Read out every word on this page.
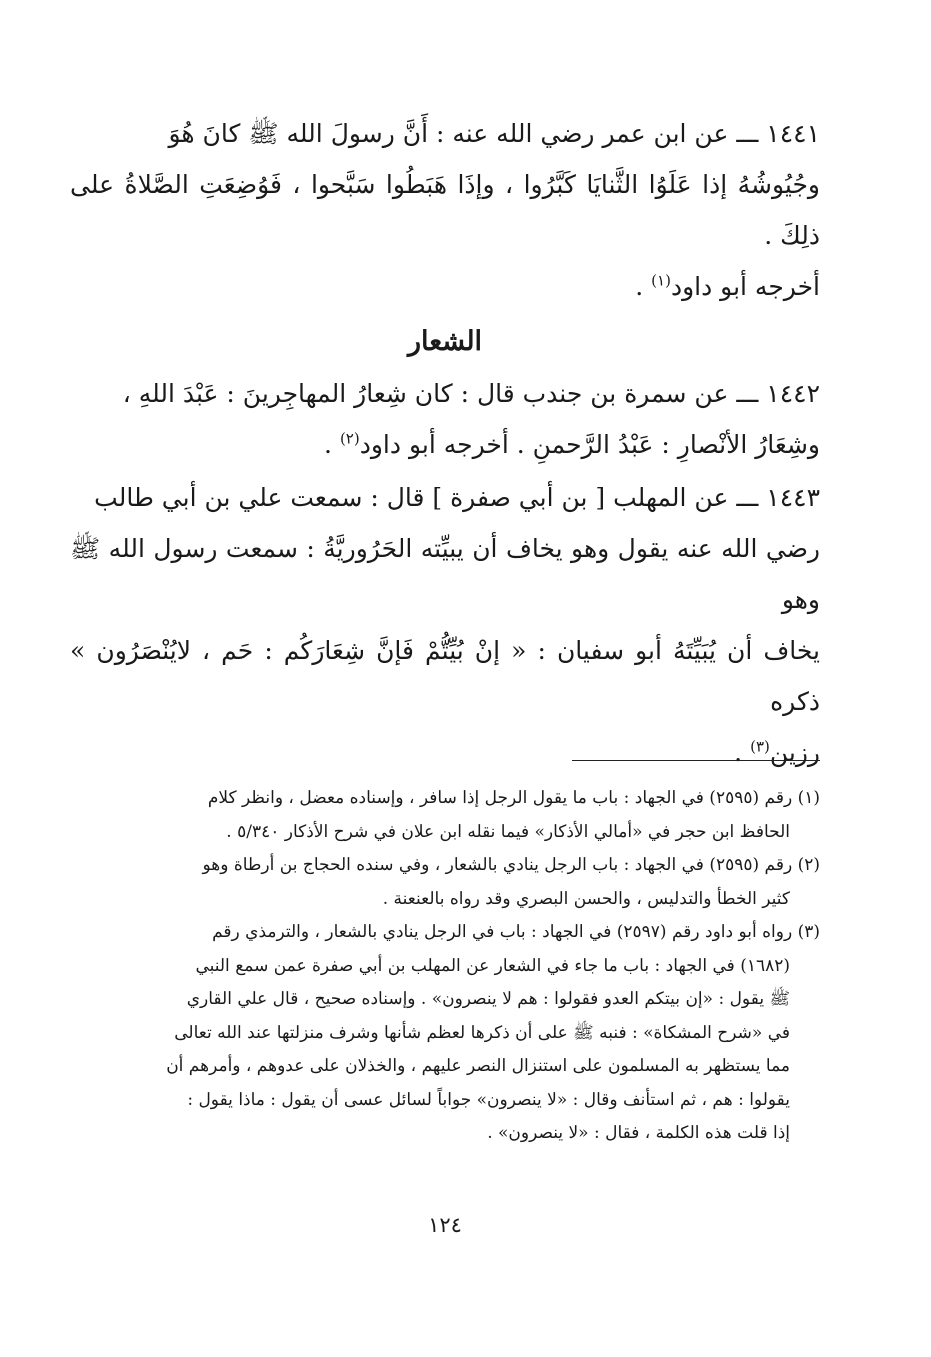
١٤٤١ ـــ عن ابن عمر رضي الله عنه : أَنَّ رسولَ الله ﷺ كانَ هُوَ
وجُيُوشُهُ إذا عَلَوُا الثَّنايَا كَبَّرُوا ، وإذَا هَبَطُوا سَبَّحوا ، فَوُضِعَتِ الصَّلاةُ على ذلِكَ .
أخرجه أبو داود$^{(١)}$ .

الشعار

١٤٤٢ ـــ عن سمرة بن جندب قال : كان شِعارُ المهاجِرينَ : عَبْدَ اللهِ ،
وشِعَارُ الأنْصارِ : عَبْدُ الرَّحمنِ . أخرجه أبو داود$^{(٢)}$ .

١٤٤٣ ـــ عن المهلب [ بن أبي صفرة ] قال : سمعت علي بن أبي طالب
رضي الله عنه يقول وهو يخاف أن يبيِّته الحَرُوريَّةُ : سمعت رسول الله ﷺ وهو
يخاف أن يُبَيِّتَهُ أبو سفيان : « إنْ بُيِّتُّمْ فَإنَّ شِعَارَكُم : حَم ، لايُنْصَرُون » ذكره
رزين$^{(٣)}$ .

(١) رقم (٢٥٩٥) في الجهاد : باب ما يقول الرجل إذا سافر ، وإسناده معضل ، وانظر كلام
الحافظ ابن حجر في «أمالي الأذكار» فيما نقله ابن علان في شرح الأذكار ٥/٣٤٠ .
(٢) رقم (٢٥٩٥) في الجهاد : باب الرجل ينادي بالشعار ، وفي سنده الحجاج بن أرطاة وهو
كثير الخطأ والتدليس ، والحسن البصري وقد رواه بالعنعنة .
(٣) رواه أبو داود رقم (٢٥٩٧) في الجهاد : باب في الرجل ينادي بالشعار ، والترمذي رقم
(١٦٨٢) في الجهاد : باب ما جاء في الشعار عن المهلب بن أبي صفرة عمن سمع النبي
ﷺ يقول : «إن بيتكم العدو فقولوا : هم لا ينصرون» . وإسناده صحيح ، قال علي القاري
في «شرح المشكاة» : فنبه ﷺ على أن ذكرها لعظم شأنها وشرف منزلتها عند الله تعالى
مما يستظهر به المسلمون على استنزال النصر عليهم ، والخذلان على عدوهم ، وأمرهم أن
يقولوا : هم ، ثم استأنف وقال : «لا ينصرون» جواباً لسائل عسى أن يقول : ماذا يقول :
إذا قلت هذه الكلمة ، فقال : «لا ينصرون» .
١٢٤
